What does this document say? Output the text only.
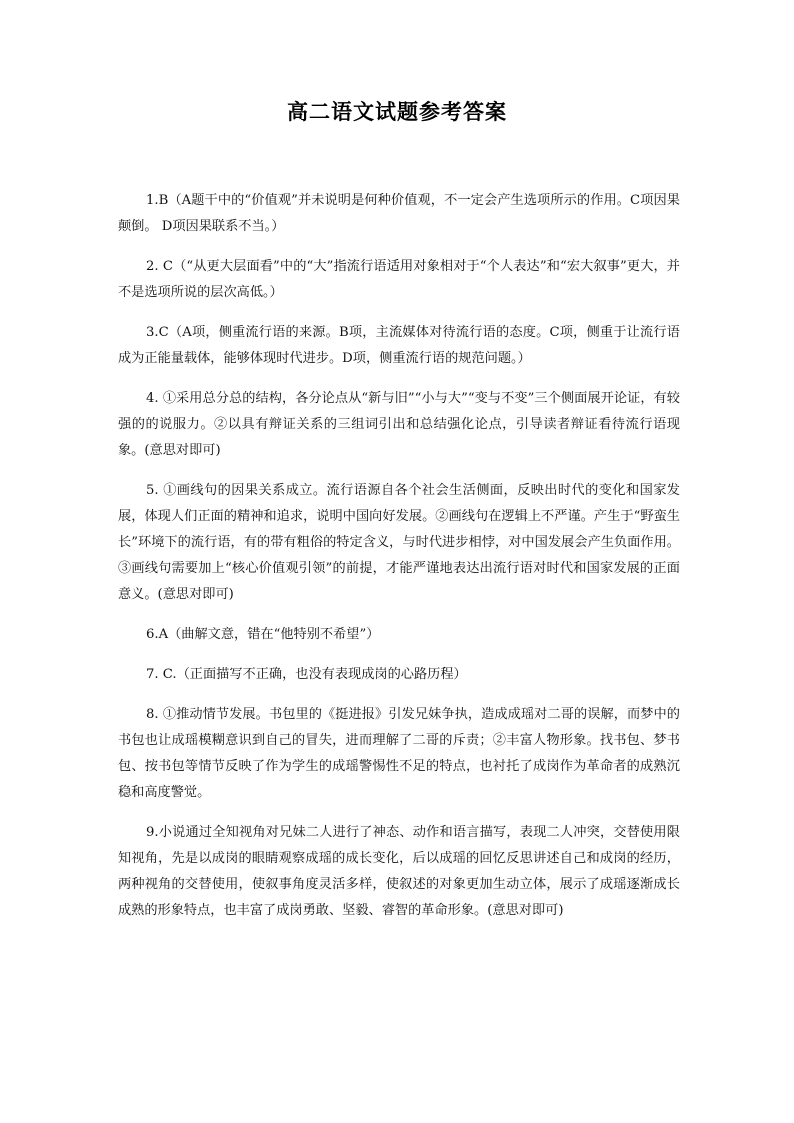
高二语文试题参考答案

1.B（A题干中的“价值观”并未说明是何种价值观，不一定会产生选项所示的作用。C项因果颠倒。 D项因果联系不当。）

2. C（“从更大层面看”中的“大”指流行语适用对象相对于“个人表达”和“宏大叙事”更大，并不是选项所说的层次高低。）

3.C（A项，侧重流行语的来源。B项，主流媒体对待流行语的态度。C项，侧重于让流行语成为正能量载体，能够体现时代进步。D项，侧重流行语的规范问题。）

4. ①采用总分总的结构，各分论点从“新与旧”“小与大”“变与不变”三个侧面展开论证，有较强的的说服力。②以具有辩证关系的三组词引出和总结强化论点，引导读者辩证看待流行语现象。(意思对即可)

5. ①画线句的因果关系成立。流行语源自各个社会生活侧面，反映出时代的变化和国家发展，体现人们正面的精神和追求，说明中国向好发展。②画线句在逻辑上不严谨。产生于“野蛮生长”环境下的流行语，有的带有粗俗的特定含义，与时代进步相悖，对中国发展会产生负面作用。③画线句需要加上“核心价值观引领”的前提，才能严谨地表达出流行语对时代和国家发展的正面意义。(意思对即可)

6.A（曲解文意，错在“他特别不希望”）

7. C.（正面描写不正确，也没有表现成岗的心路历程）

8. ①推动情节发展。书包里的《挺进报》引发兄妹争执，造成成瑶对二哥的误解，而梦中的书包也让成瑶模糊意识到自己的冒失，进而理解了二哥的斥责；②丰富人物形象。找书包、梦书包、按书包等情节反映了作为学生的成瑶警惕性不足的特点，也衬托了成岗作为革命者的成熟沉稳和高度警觉。

9.小说通过全知视角对兄妹二人进行了神态、动作和语言描写，表现二人冲突，交替使用限知视角，先是以成岗的眼睛观察成瑶的成长变化，后以成瑶的回忆反思讲述自己和成岗的经历，两种视角的交替使用，使叙事角度灵活多样，使叙述的对象更加生动立体，展示了成瑶逐渐成长成熟的形象特点，也丰富了成岗勇敢、坚毅、睿智的革命形象。(意思对即可)
